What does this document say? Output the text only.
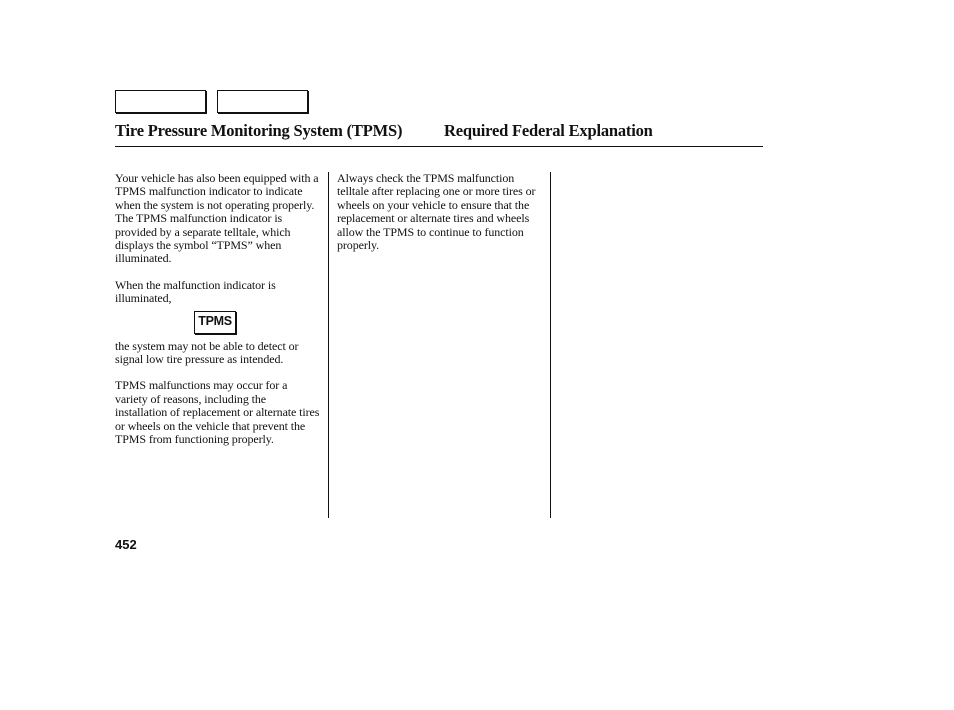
Tire Pressure Monitoring System (TPMS)	Required Federal Explanation

Your vehicle has also been equipped with a TPMS malfunction indicator to indicate when the system is not operating properly. The TPMS malfunction indicator is provided by a separate telltale, which displays the symbol “TPMS” when illuminated.

When the malfunction indicator is illuminated,

TPMS

the system may not be able to detect or signal low tire pressure as intended.

TPMS malfunctions may occur for a variety of reasons, including the installation of replacement or alternate tires or wheels on the vehicle that prevent the TPMS from functioning properly.

Always check the TPMS malfunction telltale after replacing one or more tires or wheels on your vehicle to ensure that the replacement or alternate tires and wheels allow the TPMS to continue to function properly.

452
